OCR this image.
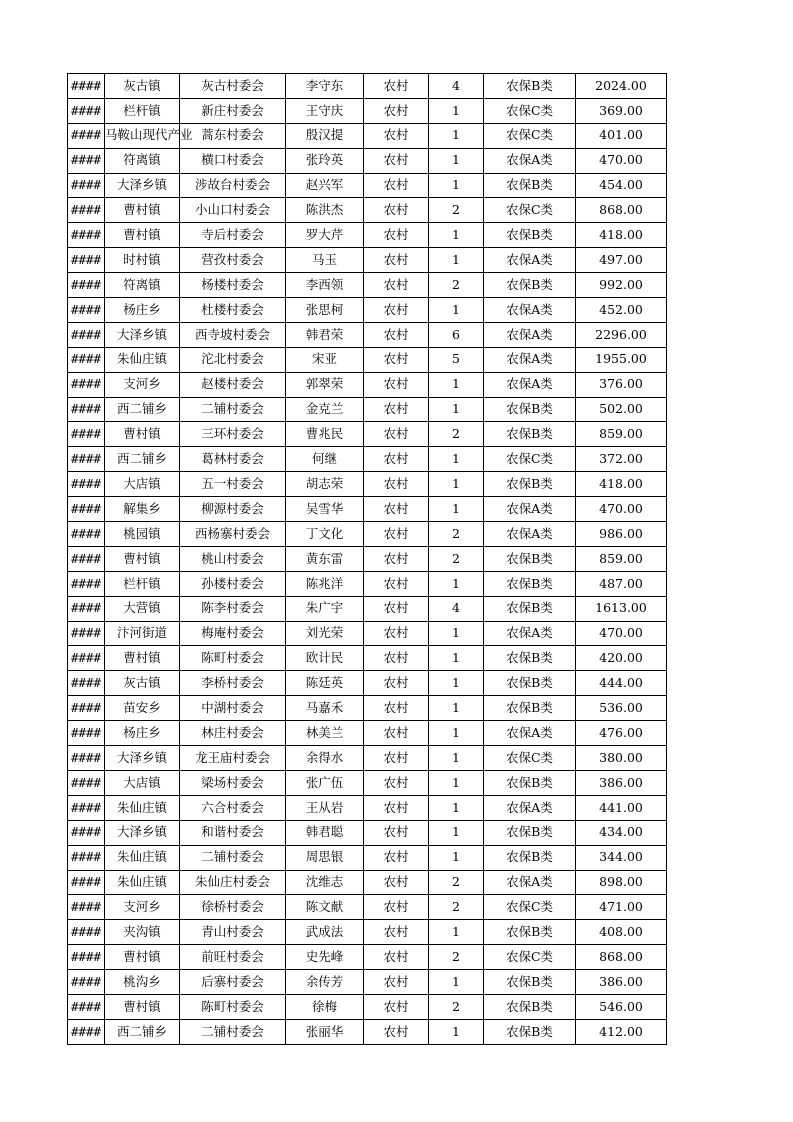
####	灰古镇	灰古村委会	李守东	农村	4	农保B类	2024.00
####	栏杆镇	新庄村委会	王守庆	农村	1	农保C类	369.00
####	马鞍山现代产业	蒿东村委会	殷汉提	农村	1	农保C类	401.00
####	符离镇	横口村委会	张玲英	农村	1	农保A类	470.00
####	大泽乡镇	涉故台村委会	赵兴军	农村	1	农保B类	454.00
####	曹村镇	小山口村委会	陈洪杰	农村	2	农保C类	868.00
####	曹村镇	寺后村委会	罗大芹	农村	1	农保B类	418.00
####	时村镇	营孜村委会	马玉	农村	1	农保A类	497.00
####	符离镇	杨楼村委会	李西领	农村	2	农保B类	992.00
####	杨庄乡	杜楼村委会	张思柯	农村	1	农保A类	452.00
####	大泽乡镇	西寺坡村委会	韩君荣	农村	6	农保A类	2296.00
####	朱仙庄镇	沱北村委会	宋亚	农村	5	农保A类	1955.00
####	支河乡	赵楼村委会	郭翠荣	农村	1	农保A类	376.00
####	西二铺乡	二铺村委会	金克兰	农村	1	农保B类	502.00
####	曹村镇	三环村委会	曹兆民	农村	2	农保B类	859.00
####	西二铺乡	葛林村委会	何继	农村	1	农保C类	372.00
####	大店镇	五一村委会	胡志荣	农村	1	农保B类	418.00
####	解集乡	柳源村委会	吴雪华	农村	1	农保A类	470.00
####	桃园镇	西杨寨村委会	丁文化	农村	2	农保A类	986.00
####	曹村镇	桃山村委会	黄东雷	农村	2	农保B类	859.00
####	栏杆镇	孙楼村委会	陈兆洋	农村	1	农保B类	487.00
####	大营镇	陈李村委会	朱广宇	农村	4	农保B类	1613.00
####	汴河街道	梅庵村委会	刘光荣	农村	1	农保A类	470.00
####	曹村镇	陈町村委会	欧计民	农村	1	农保B类	420.00
####	灰古镇	李桥村委会	陈廷英	农村	1	农保B类	444.00
####	苗安乡	中湖村委会	马嘉禾	农村	1	农保B类	536.00
####	杨庄乡	林庄村委会	林美兰	农村	1	农保A类	476.00
####	大泽乡镇	龙王庙村委会	余得水	农村	1	农保C类	380.00
####	大店镇	梁场村委会	张广伍	农村	1	农保B类	386.00
####	朱仙庄镇	六合村委会	王从岩	农村	1	农保A类	441.00
####	大泽乡镇	和谐村委会	韩君聪	农村	1	农保B类	434.00
####	朱仙庄镇	二铺村委会	周思银	农村	1	农保B类	344.00
####	朱仙庄镇	朱仙庄村委会	沈维志	农村	2	农保A类	898.00
####	支河乡	徐桥村委会	陈文献	农村	2	农保C类	471.00
####	夹沟镇	青山村委会	武成法	农村	1	农保B类	408.00
####	曹村镇	前旺村委会	史先峰	农村	2	农保C类	868.00
####	桃沟乡	后寨村委会	余传芳	农村	1	农保B类	386.00
####	曹村镇	陈町村委会	徐梅	农村	2	农保B类	546.00
####	西二铺乡	二铺村委会	张丽华	农村	1	农保B类	412.00
